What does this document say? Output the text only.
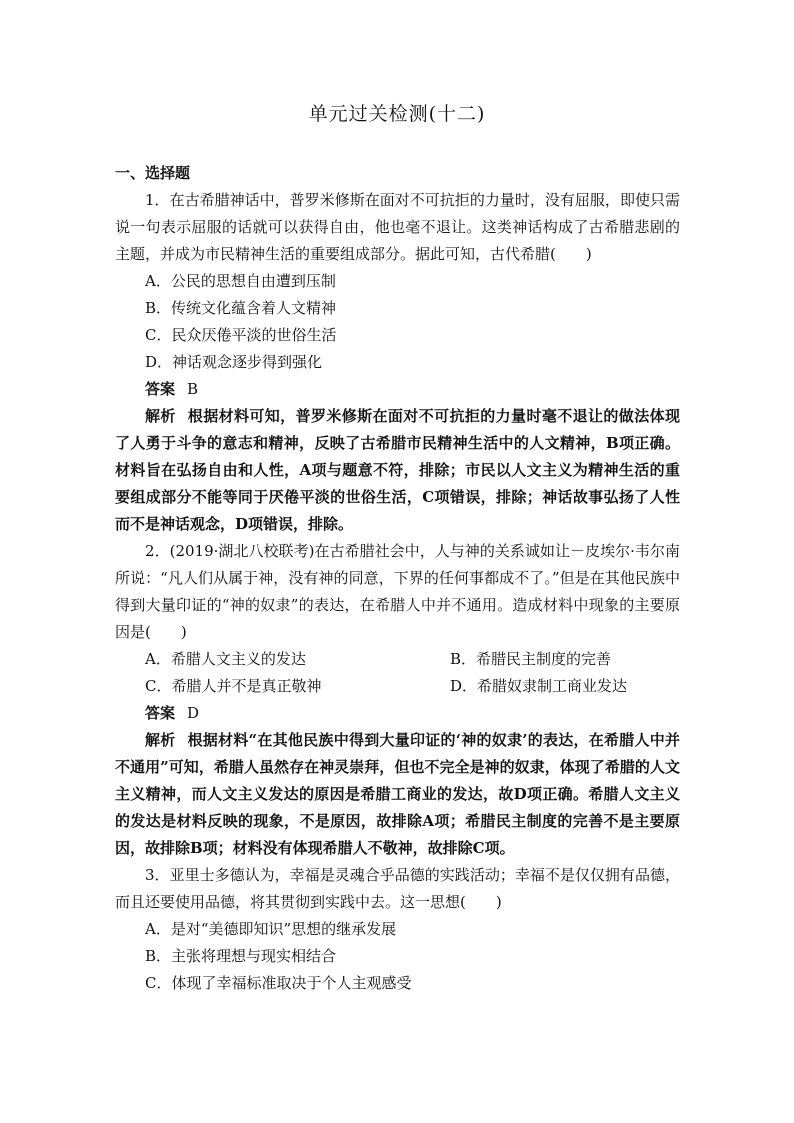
单元过关检测(十二)
一、选择题
1．在古希腊神话中，普罗米修斯在面对不可抗拒的力量时，没有屈服，即使只需说一句表示屈服的话就可以获得自由，他也毫不退让。这类神话构成了古希腊悲剧的主题，并成为市民精神生活的重要组成部分。据此可知，古代希腊(　　)
A．公民的思想自由遭到压制
B．传统文化蕴含着人文精神
C．民众厌倦平淡的世俗生活
D．神话观念逐步得到强化
答案 B
解析 根据材料可知，普罗米修斯在面对不可抗拒的力量时毫不退让的做法体现了人勇于斗争的意志和精神，反映了古希腊市民精神生活中的人文精神，B项正确。材料旨在弘扬自由和人性，A项与题意不符，排除；市民以人文主义为精神生活的重要组成部分不能等同于厌倦平淡的世俗生活，C项错误，排除；神话故事弘扬了人性而不是神话观念，D项错误，排除。
2．(2019·湖北八校联考)在古希腊社会中，人与神的关系诚如让－皮埃尔·韦尔南所说：“凡人们从属于神，没有神的同意，下界的任何事都成不了。”但是在其他民族中得到大量印证的“神的奴隶”的表达，在希腊人中并不通用。造成材料中现象的主要原因是(　　)
A．希腊人文主义的发达	B．希腊民主制度的完善
C．希腊人并不是真正敬神	D．希腊奴隶制工商业发达
答案 D
解析 根据材料“在其他民族中得到大量印证的‘神的奴隶’的表达，在希腊人中并不通用”可知，希腊人虽然存在神灵崇拜，但也不完全是神的奴隶，体现了希腊的人文主义精神，而人文主义发达的原因是希腊工商业的发达，故D项正确。希腊人文主义的发达是材料反映的现象，不是原因，故排除A项；希腊民主制度的完善不是主要原因，故排除B项；材料没有体现希腊人不敬神，故排除C项。
3．亚里士多德认为，幸福是灵魂合乎品德的实践活动；幸福不是仅仅拥有品德，而且还要使用品德，将其贯彻到实践中去。这一思想(　　)
A．是对“美德即知识”思想的继承发展
B．主张将理想与现实相结合
C．体现了幸福标准取决于个人主观感受
